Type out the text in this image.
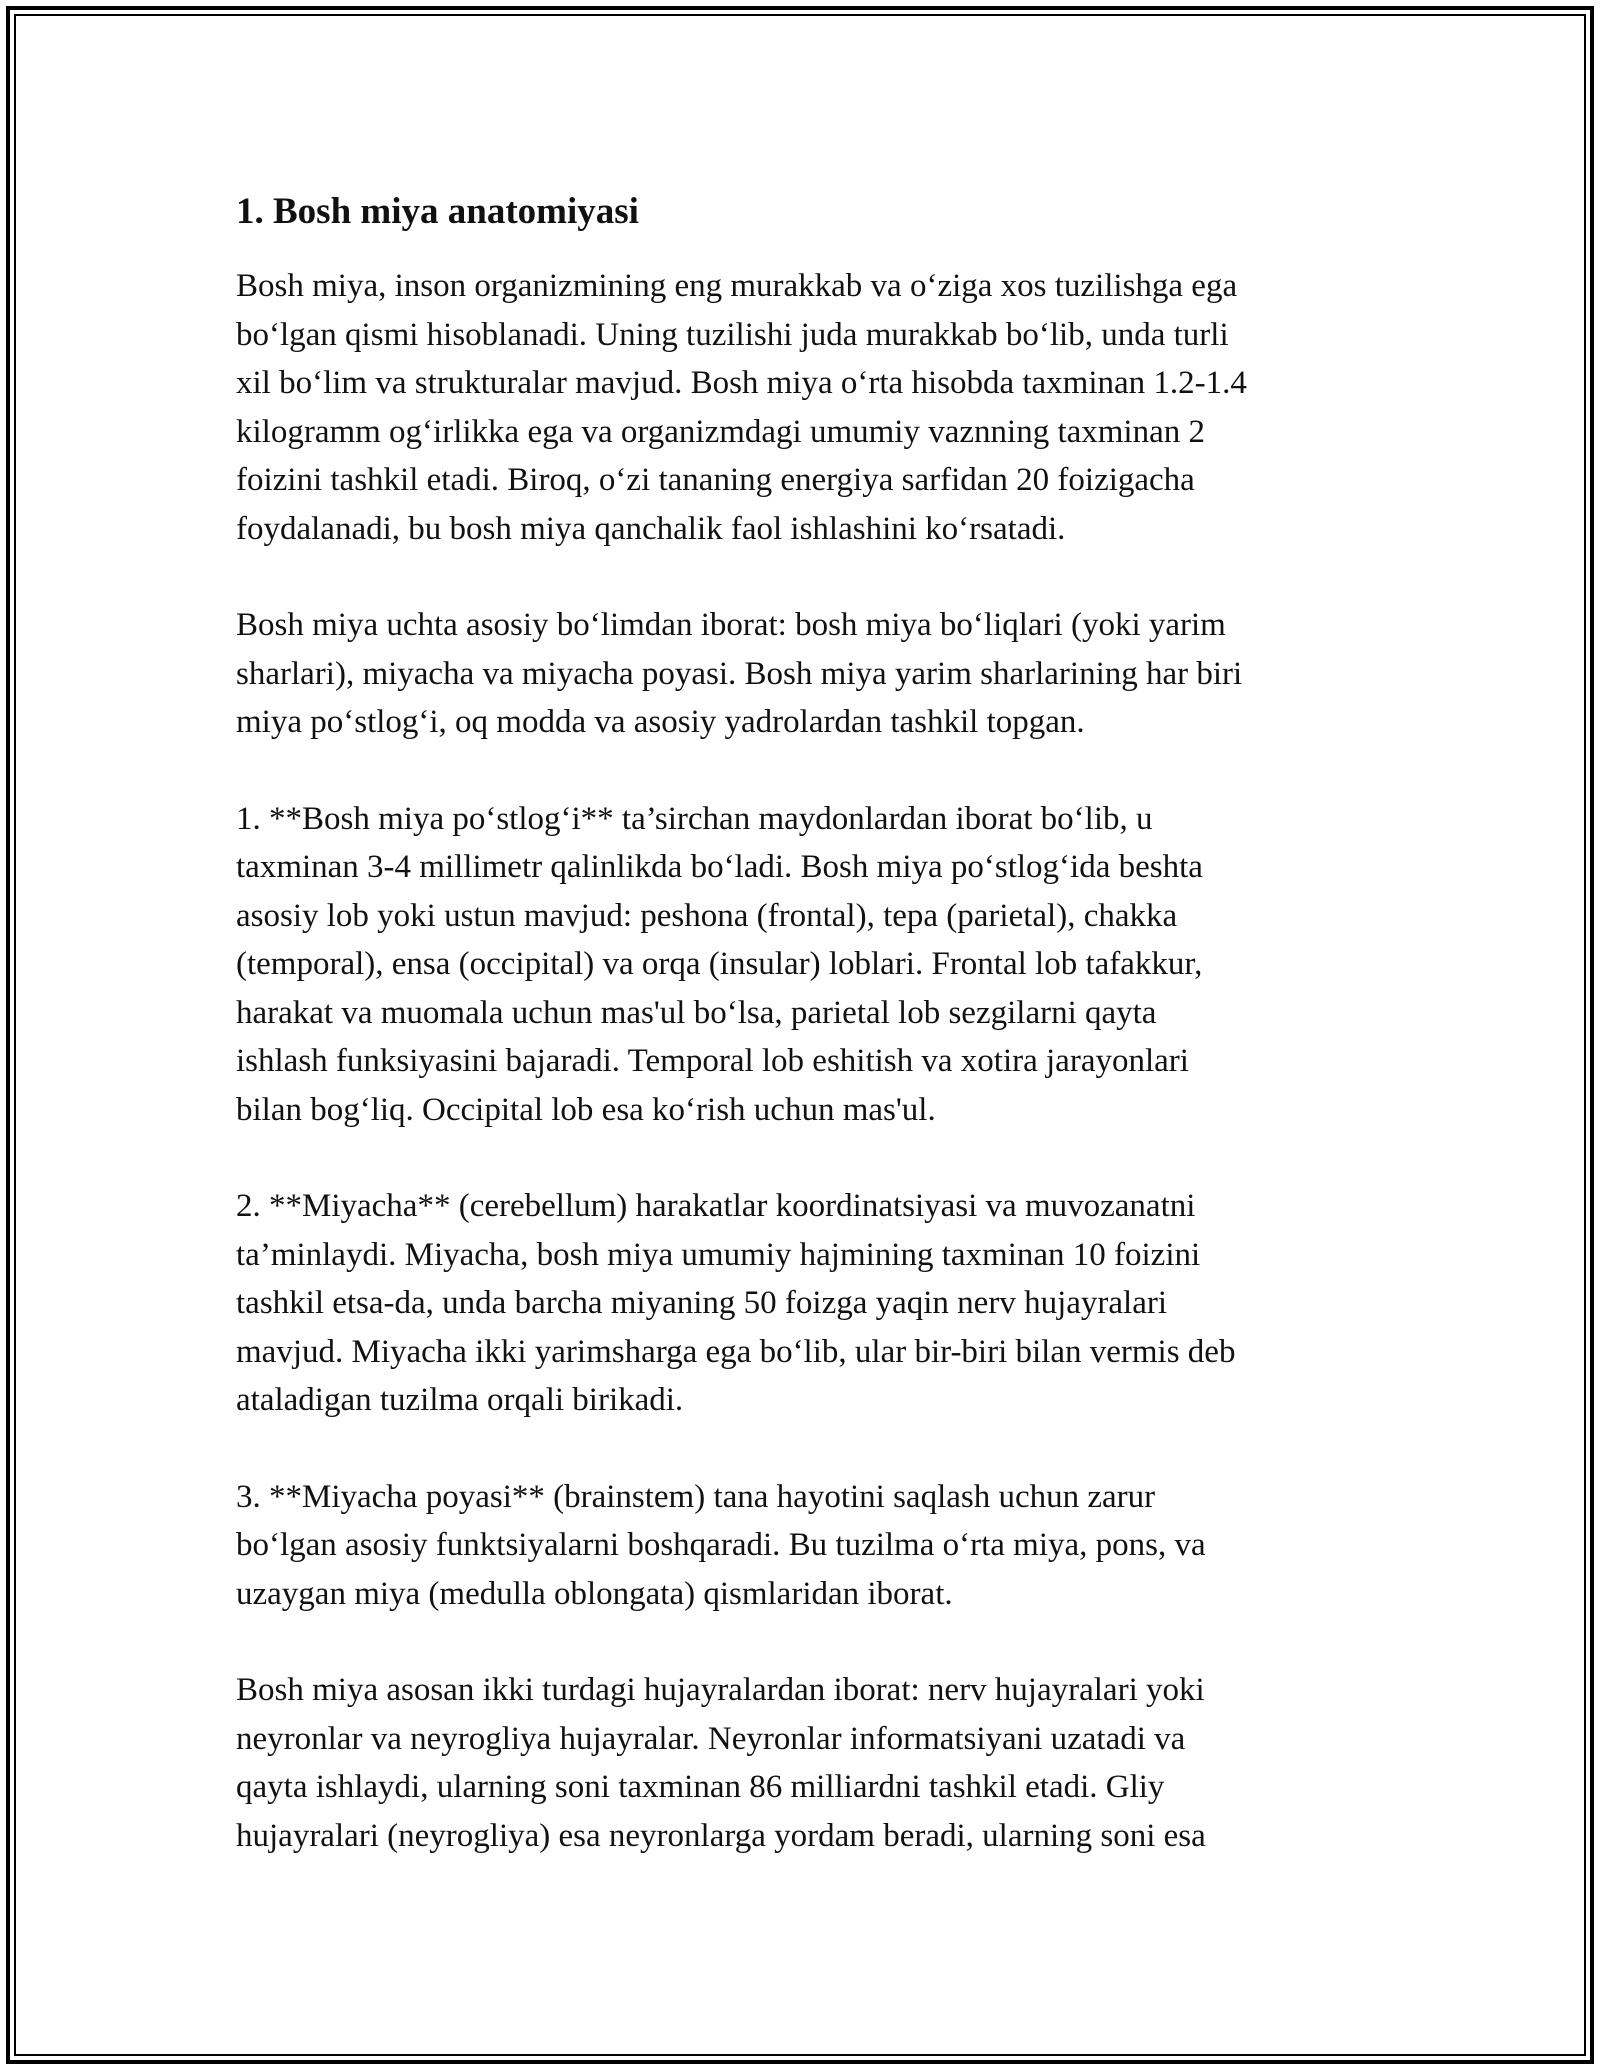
1. Bosh miya anatomiyasi

Bosh miya, inson organizmining eng murakkab va o‘ziga xos tuzilishga ega
bo‘lgan qismi hisoblanadi. Uning tuzilishi juda murakkab bo‘lib, unda turli
xil bo‘lim va strukturalar mavjud. Bosh miya o‘rta hisobda taxminan 1.2-1.4
kilogramm og‘irlikka ega va organizmdagi umumiy vaznning taxminan 2
foizini tashkil etadi. Biroq, o‘zi tananing energiya sarfidan 20 foizigacha
foydalanadi, bu bosh miya qanchalik faol ishlashini ko‘rsatadi.

Bosh miya uchta asosiy bo‘limdan iborat: bosh miya bo‘liqlari (yoki yarim
sharlari), miyacha va miyacha poyasi. Bosh miya yarim sharlarining har biri
miya po‘stlog‘i, oq modda va asosiy yadrolardan tashkil topgan.

1. **Bosh miya po‘stlog‘i** ta’sirchan maydonlardan iborat bo‘lib, u
taxminan 3-4 millimetr qalinlikda bo‘ladi. Bosh miya po‘stlog‘ida beshta
asosiy lob yoki ustun mavjud: peshona (frontal), tepa (parietal), chakka
(temporal), ensa (occipital) va orqa (insular) loblari. Frontal lob tafakkur,
harakat va muomala uchun mas'ul bo‘lsa, parietal lob sezgilarni qayta
ishlash funksiyasini bajaradi. Temporal lob eshitish va xotira jarayonlari
bilan bog‘liq. Occipital lob esa ko‘rish uchun mas'ul.

2. **Miyacha** (cerebellum) harakatlar koordinatsiyasi va muvozanatni
ta’minlaydi. Miyacha, bosh miya umumiy hajmining taxminan 10 foizini
tashkil etsa-da, unda barcha miyaning 50 foizga yaqin nerv hujayralari
mavjud. Miyacha ikki yarimsharga ega bo‘lib, ular bir-biri bilan vermis deb
ataladigan tuzilma orqali birikadi.

3. **Miyacha poyasi** (brainstem) tana hayotini saqlash uchun zarur
bo‘lgan asosiy funktsiyalarni boshqaradi. Bu tuzilma o‘rta miya, pons, va
uzaygan miya (medulla oblongata) qismlaridan iborat.

Bosh miya asosan ikki turdagi hujayralardan iborat: nerv hujayralari yoki
neyronlar va neyrogliya hujayralar. Neyronlar informatsiyani uzatadi va
qayta ishlaydi, ularning soni taxminan 86 milliardni tashkil etadi. Gliy
hujayralari (neyrogliya) esa neyronlarga yordam beradi, ularning soni esa
